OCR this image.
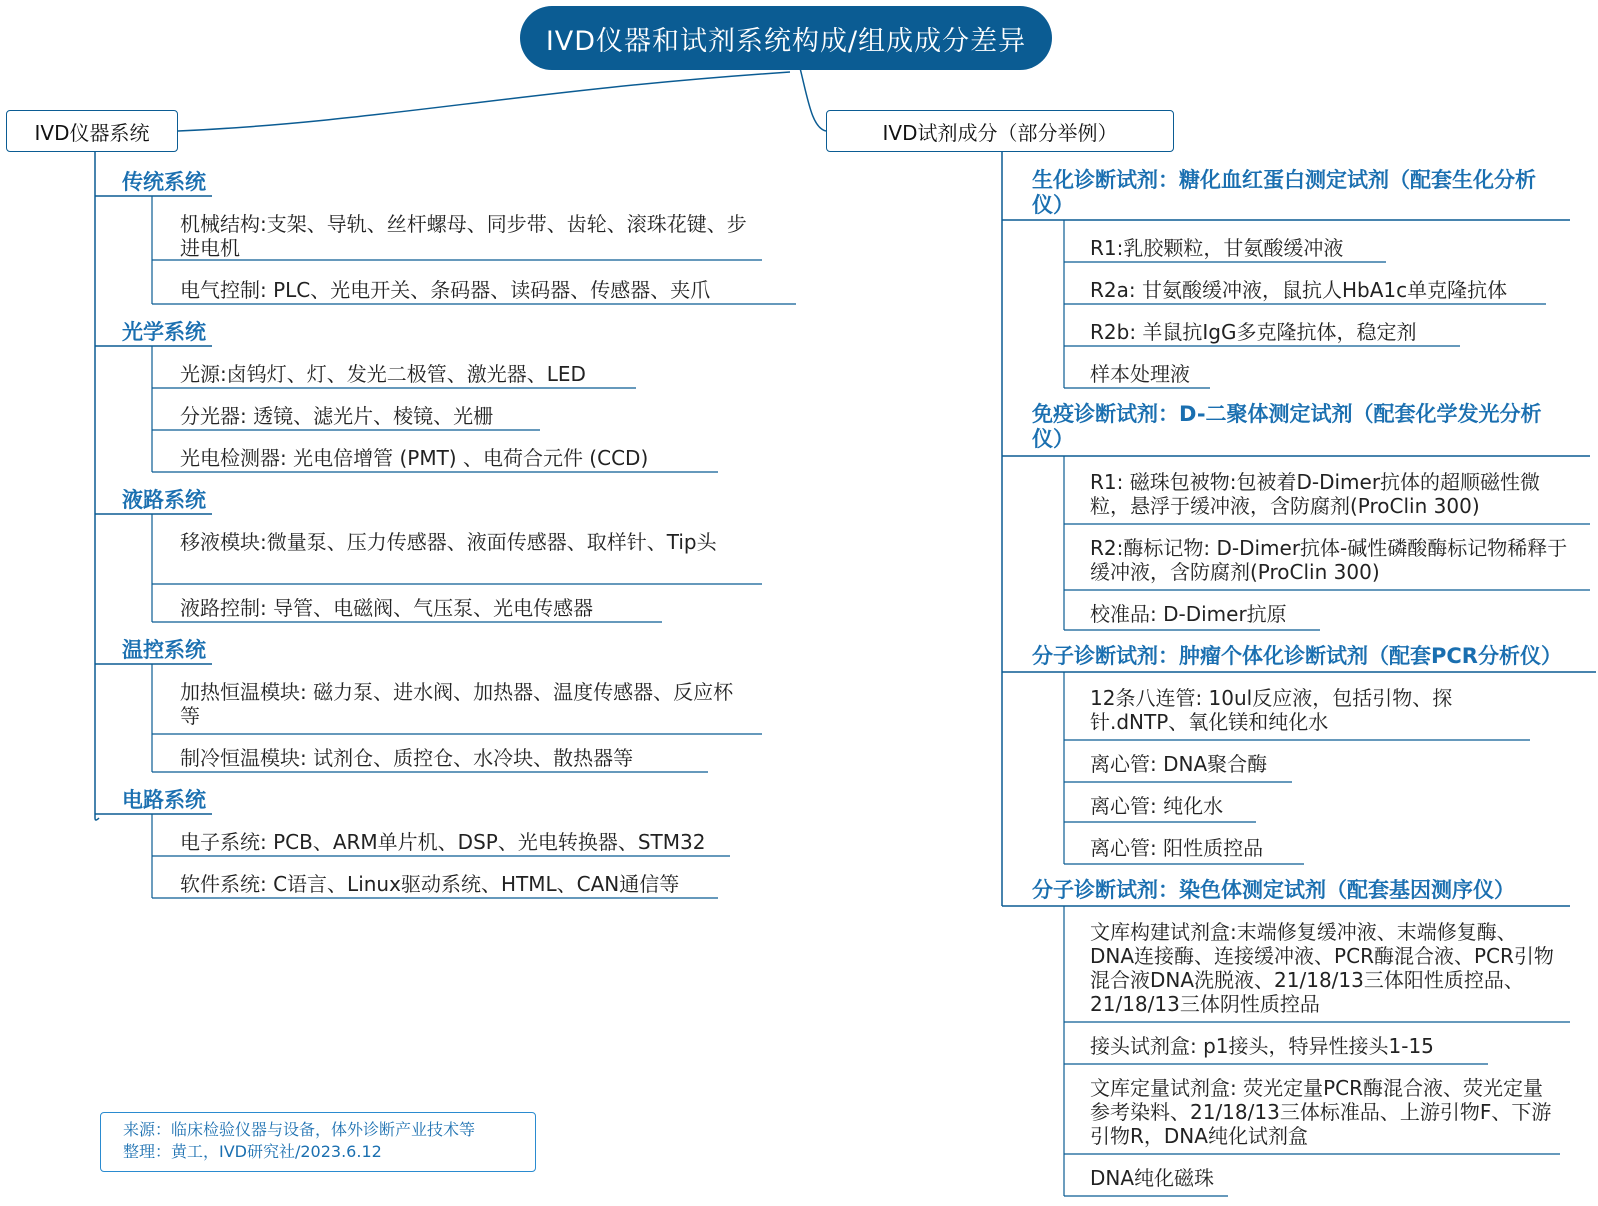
IVD仪器和试剂系统构成/组成成分差异
IVD仪器系统	IVD试剂成分（部分举例）
传统系统
机械结构:支架、导轨、丝杆螺母、同步带、齿轮、滚珠花键、步进电机
电气控制: PLC、光电开关、条码器、读码器、传感器、夹爪
光学系统
光源:卤钨灯、灯、发光二极管、激光器、LED
分光器: 透镜、滤光片、棱镜、光栅
光电检测器: 光电倍增管 (PMT) 、电荷合元件 (CCD)
液路系统
移液模块:微量泵、压力传感器、液面传感器、取样针、Tip头
液路控制: 导管、电磁阀、气压泵、光电传感器
温控系统
加热恒温模块: 磁力泵、进水阀、加热器、温度传感器、反应杯等
制冷恒温模块: 试剂仓、质控仓、水冷块、散热器等
电路系统
电子系统: PCB、ARM单片机、DSP、光电转换器、STM32
软件系统: C语言、Linux驱动系统、HTML、CAN通信等
生化诊断试剂：糖化血红蛋白测定试剂（配套生化分析仪）
R1:乳胶颗粒，甘氨酸缓冲液
R2a: 甘氨酸缓冲液，鼠抗人HbA1c单克隆抗体
R2b: 羊鼠抗IgG多克隆抗体，稳定剂
样本处理液
免疫诊断试剂：D-二聚体测定试剂（配套化学发光分析仪）
R1: 磁珠包被物:包被着D-Dimer抗体的超顺磁性微粒，悬浮于缓冲液，含防腐剂(ProClin 300)
R2:酶标记物: D-Dimer抗体-碱性磷酸酶标记物稀释于缓冲液，含防腐剂(ProClin 300)
校准品: D-Dimer抗原
分子诊断试剂：肿瘤个体化诊断试剂（配套PCR分析仪）
12条八连管: 10ul反应液，包括引物、探针.dNTP、氧化镁和纯化水
离心管: DNA聚合酶
离心管: 纯化水
离心管: 阳性质控品
分子诊断试剂：染色体测定试剂（配套基因测序仪）
文库构建试剂盒:末端修复缓冲液、末端修复酶、DNA连接酶、连接缓冲液、PCR酶混合液、PCR引物混合液DNA洗脱液、21/18/13三体阳性质控品、21/18/13三体阴性质控品
接头试剂盒: p1接头，特异性接头1-15
文库定量试剂盒: 荧光定量PCR酶混合液、荧光定量参考染料、21/18/13三体标准品、上游引物F、下游引物R，DNA纯化试剂盒
DNA纯化磁珠
来源：临床检验仪器与设备，体外诊断产业技术等
整理：黄工，IVD研究社/2023.6.12
